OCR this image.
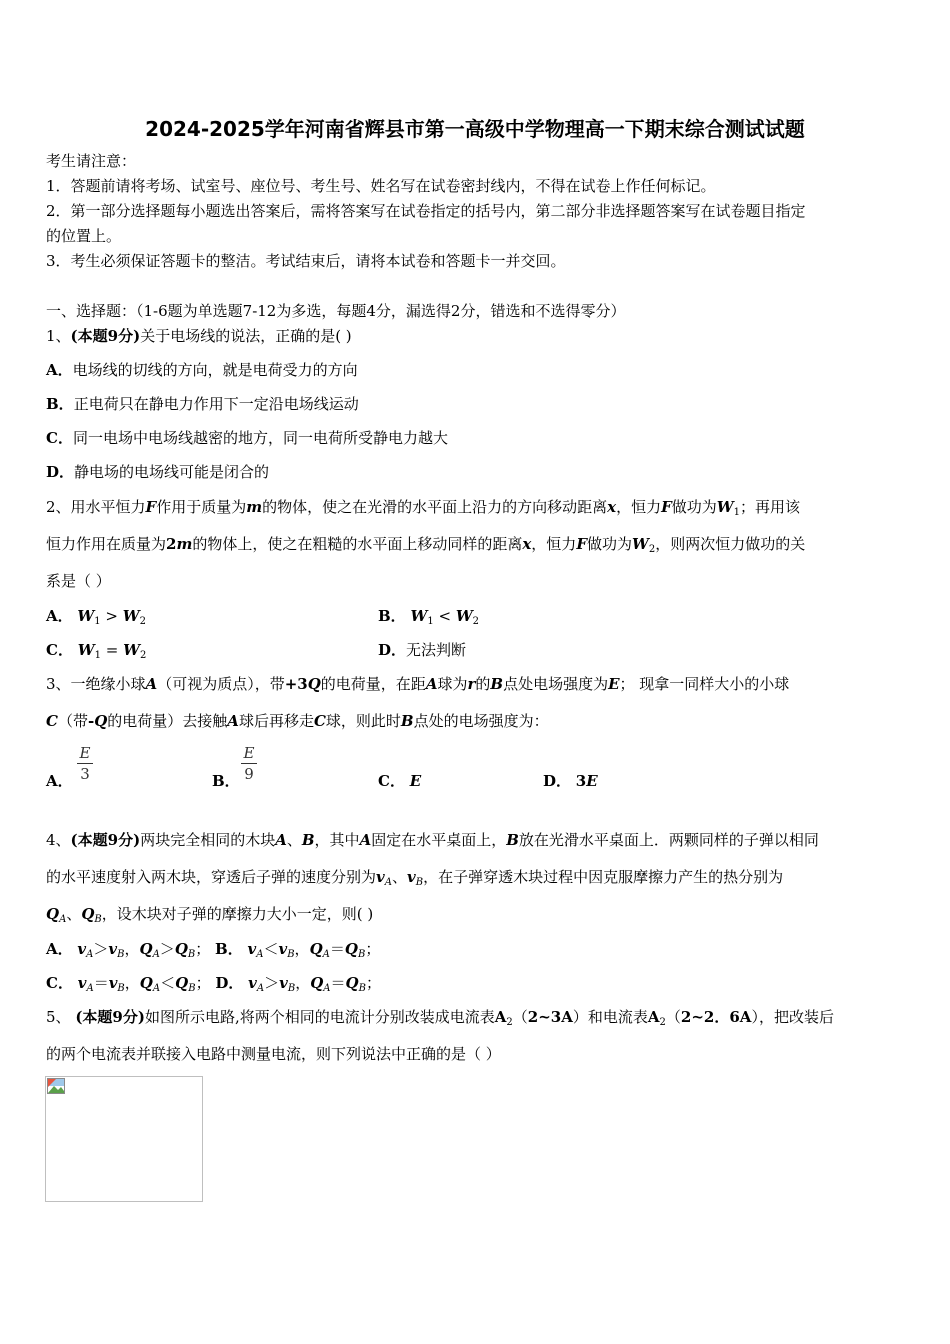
2024-2025学年河南省辉县市第一高级中学物理高一下期末综合测试试题
考生请注意：
1．答题前请将考场、试室号、座位号、考生号、姓名写在试卷密封线内，不得在试卷上作任何标记。
2．第一部分选择题每小题选出答案后，需将答案写在试卷指定的括号内，第二部分非选择题答案写在试卷题目指定
的位置上。
3．考生必须保证答题卡的整洁。考试结束后，请将本试卷和答题卡一并交回。
一、选择题：（1-6题为单选题7-12为多选，每题4分，漏选得2分，错选和不选得零分）
1、(本题9分)关于电场线的说法，正确的是( )
A．电场线的切线的方向，就是电荷受力的方向
B．正电荷只在静电力作用下一定沿电场线运动
C．同一电场中电场线越密的地方，同一电荷所受静电力越大
D．静电场的电场线可能是闭合的
2、用水平恒力F作用于质量为m的物体，使之在光滑的水平面上沿力的方向移动距离x，恒力F做功为$W_1$；再用该
恒力作用在质量为2m的物体上，使之在粗糙的水平面上移动同样的距离x，恒力F做功为$W_2$，则两次恒力做功的关
系是（ ）
A． $W_1 > W_2$	B． $W_1 < W_2$
C． $W_1 = W_2$	D．无法判断
3、一绝缘小球A（可视为质点），带+3Q的电荷量，在距A球为r的B点处电场强度为E； 现拿一同样大小的小球
C（带-Q的电荷量）去接触A球后再移走C球，则此时B点处的电场强度为：
A．
E
3	B．
E
9	C． E	D． 3E
4、(本题9分)两块完全相同的木块A、B，其中A固定在水平桌面上，B放在光滑水平桌面上．两颗同样的子弹以相同
的水平速度射入两木块，穿透后子弹的速度分别为$v_A$、$v_B$，在子弹穿透木块过程中因克服摩擦力产生的热分别为
$Q_A$、$Q_B$，设木块对子弹的摩擦力大小一定，则( )
A． $v_A>v_B$，$Q_A>Q_B$； B． $v_A<v_B$，$Q_A=Q_B$；
C． $v_A=v_B$，$Q_A<Q_B$； D． $v_A>v_B$，$Q_A=Q_B$；
5、 (本题9分)如图所示电路,将两个相同的电流计分别改装成电流表$A_2(2\sim 3A)$和电流表$A_2(2\sim 2$．6A），把改装后
的两个电流表并联接入电路中测量电流，则下列说法中正确的是（ ）
